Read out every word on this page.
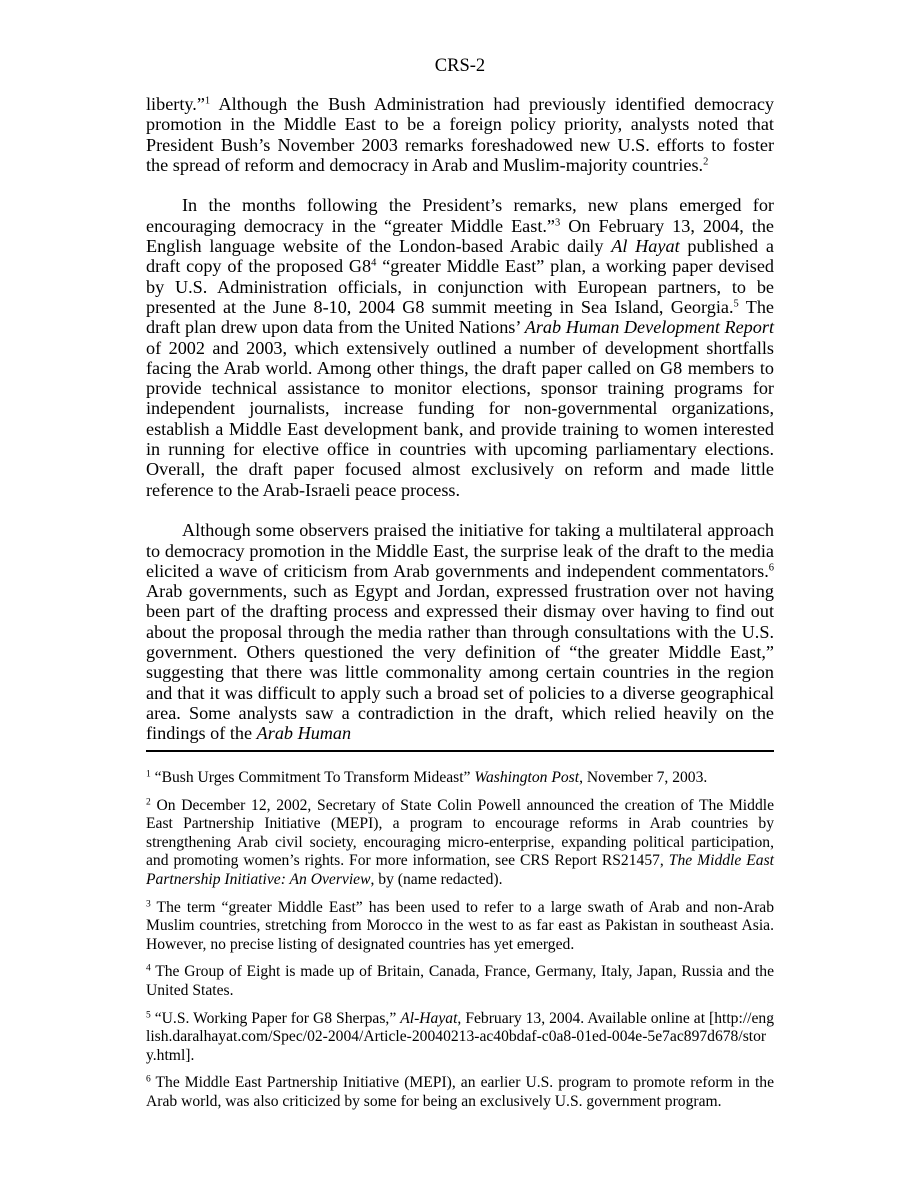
CRS-2

liberty.”$^1$ Although the Bush Administration had previously identified democracy promotion in the Middle East to be a foreign policy priority, analysts noted that President Bush’s November 2003 remarks foreshadowed new U.S. efforts to foster the spread of reform and democracy in Arab and Muslim-majority countries.$^2$

In the months following the President’s remarks, new plans emerged for encouraging democracy in the “greater Middle East.”$^3$ On February 13, 2004, the English language website of the London-based Arabic daily Al Hayat published a draft copy of the proposed $G8^4$ “greater Middle East” plan, a working paper devised by U.S. Administration officials, in conjunction with European partners, to be presented at the June 8-10, 2004 G8 summit meeting in Sea Island, Georgia.$^5$ The draft plan drew upon data from the United Nations’ Arab Human Development Report of 2002 and 2003, which extensively outlined a number of development shortfalls facing the Arab world. Among other things, the draft paper called on G8 members to provide technical assistance to monitor elections, sponsor training programs for independent journalists, increase funding for non-governmental organizations, establish a Middle East development bank, and provide training to women interested in running for elective office in countries with upcoming parliamentary elections. Overall, the draft paper focused almost exclusively on reform and made little reference to the Arab-Israeli peace process.

Although some observers praised the initiative for taking a multilateral approach to democracy promotion in the Middle East, the surprise leak of the draft to the media elicited a wave of criticism from Arab governments and independent commentators.$^6$ Arab governments, such as Egypt and Jordan, expressed frustration over not having been part of the drafting process and expressed their dismay over having to find out about the proposal through the media rather than through consultations with the U.S. government. Others questioned the very definition of “the greater Middle East,” suggesting that there was little commonality among certain countries in the region and that it was difficult to apply such a broad set of policies to a diverse geographical area. Some analysts saw a contradiction in the draft, which relied heavily on the findings of the Arab Human

$^1$ “Bush Urges Commitment To Transform Mideast” Washington Post, November 7, 2003.
$^2$ On December 12, 2002, Secretary of State Colin Powell announced the creation of The Middle East Partnership Initiative (MEPI), a program to encourage reforms in Arab countries by strengthening Arab civil society, encouraging micro-enterprise, expanding political participation, and promoting women’s rights. For more information, see CRS Report RS21457, The Middle East Partnership Initiative: An Overview, by (name redacted).
$^3$ The term “greater Middle East” has been used to refer to a large swath of Arab and non-Arab Muslim countries, stretching from Morocco in the west to as far east as Pakistan in southeast Asia. However, no precise listing of designated countries has yet emerged.
$^4$ The Group of Eight is made up of Britain, Canada, France, Germany, Italy, Japan, Russia and the United States.
$^5$ “U.S. Working Paper for G8 Sherpas,” Al-Hayat, February 13, 2004. Available online at [http://english.daralhayat.com/Spec/02-2004/Article-20040213-ac40bdaf-c0a8-01ed-004e-5e7ac897d678/story.html].
$^6$ The Middle East Partnership Initiative (MEPI), an earlier U.S. program to promote reform in the Arab world, was also criticized by some for being an exclusively U.S. government program.
